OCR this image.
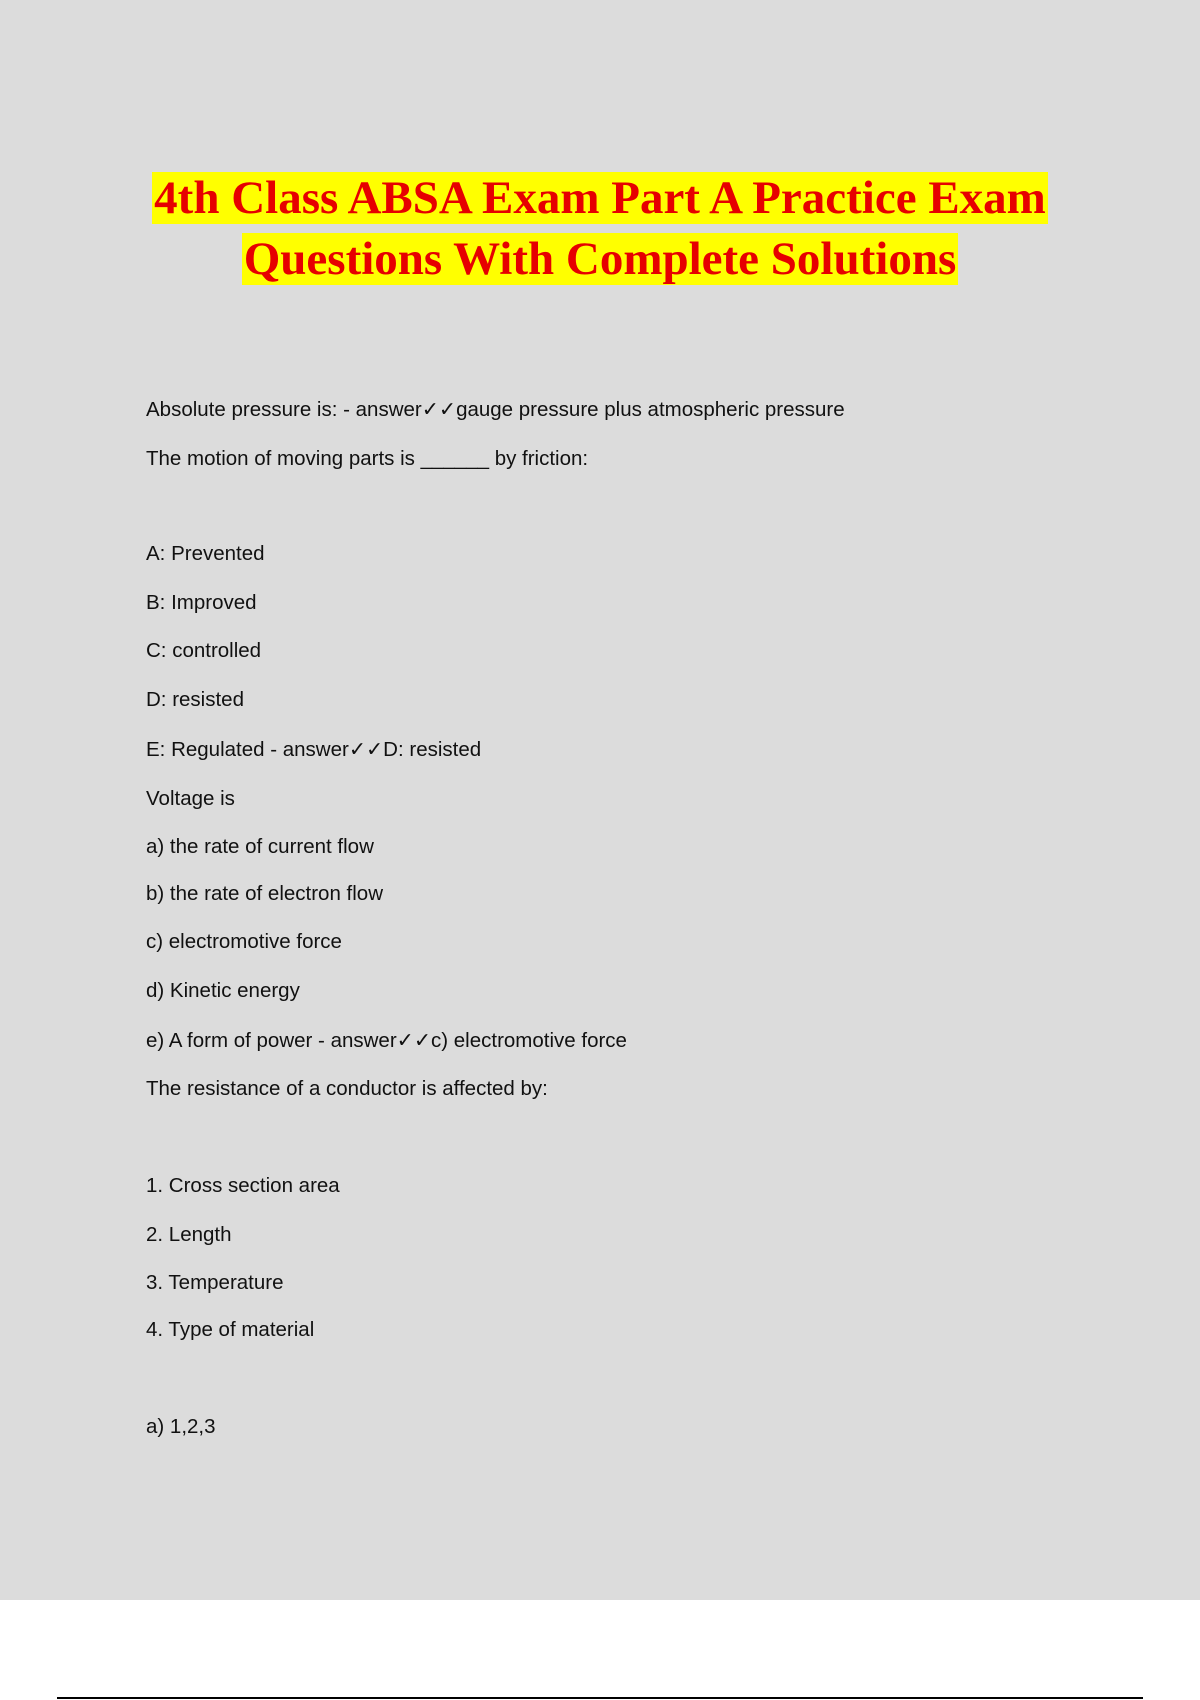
4th Class ABSA Exam Part A Practice Exam
Questions With Complete Solutions
Absolute pressure is: - answer✓✓gauge pressure plus atmospheric pressure
The motion of moving parts is ______ by friction:
A: Prevented
B: Improved
C: controlled
D: resisted
E: Regulated - answer✓✓D: resisted
Voltage is
a) the rate of current flow
b) the rate of electron flow
c) electromotive force
d) Kinetic energy
e) A form of power - answer✓✓c) electromotive force
The resistance of a conductor is affected by:
1. Cross section area
2. Length
3. Temperature
4. Type of material
a) 1,2,3
